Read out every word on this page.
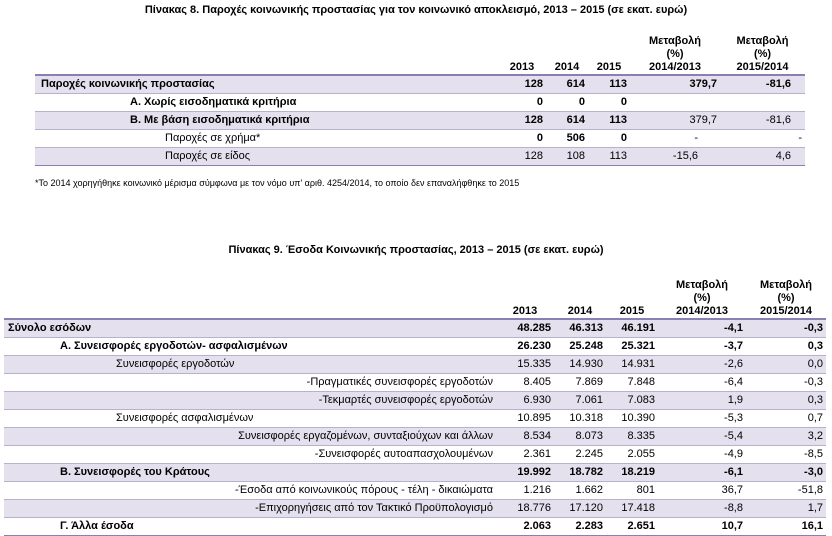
Πίνακας 8. Παροχές κοινωνικής προστασίας για τον κοινωνικό αποκλεισμό, 2013 – 2015 (σε εκατ. ευρώ)
	2013	2014	2015	Μεταβολή
(%)
2014/2013	Μεταβολή
(%)
2015/2014
Παροχές κοινωνικής προστασίας	128	614	113	379,7	-81,6
Α. Χωρίς εισοδηματικά κριτήρια	0	0	0		
Β. Με βάση εισοδηματικά κριτήρια	128	614	113	379,7	-81,6
Παροχές σε χρήμα*	0	506	0	-	-
Παροχές σε είδος	128	108	113	-15,6	4,6
*Το 2014 χορηγήθηκε κοινωνικό μέρισμα σύμφωνα με τον νόμο υπ' αριθ. 4254/2014, το οποίο δεν επαναλήφθηκε το 2015
Πίνακας 9. Έσοδα Κοινωνικής προστασίας, 2013 – 2015 (σε εκατ. ευρώ)
	2013	2014	2015	Μεταβολή
(%)
2014/2013	Μεταβολή
(%)
2015/2014
Σύνολο εσόδων	48.285	46.313	46.191	-4,1	-0,3
Α. Συνεισφορές εργοδοτών- ασφαλισμένων	26.230	25.248	25.321	-3,7	0,3
Συνεισφορές εργοδοτών	15.335	14.930	14.931	-2,6	0,0
-Πραγματικές συνεισφορές εργοδοτών	8.405	7.869	7.848	-6,4	-0,3
-Τεκμαρτές συνεισφορές εργοδοτών	6.930	7.061	7.083	1,9	0,3
Συνεισφορές ασφαλισμένων	10.895	10.318	10.390	-5,3	0,7
Συνεισφορές εργαζομένων, συνταξιούχων και άλλων	8.534	8.073	8.335	-5,4	3,2
-Συνεισφορές αυτοαπασχολουμένων	2.361	2.245	2.055	-4,9	-8,5
Β. Συνεισφορές του Κράτους	19.992	18.782	18.219	-6,1	-3,0
-Έσοδα από κοινωνικούς πόρους - τέλη - δικαιώματα	1.216	1.662	801	36,7	-51,8
-Επιχορηγήσεις από τον Τακτικό Προϋπολογισμό	18.776	17.120	17.418	-8,8	1,7
Γ. Άλλα έσοδα	2.063	2.283	2.651	10,7	16,1
